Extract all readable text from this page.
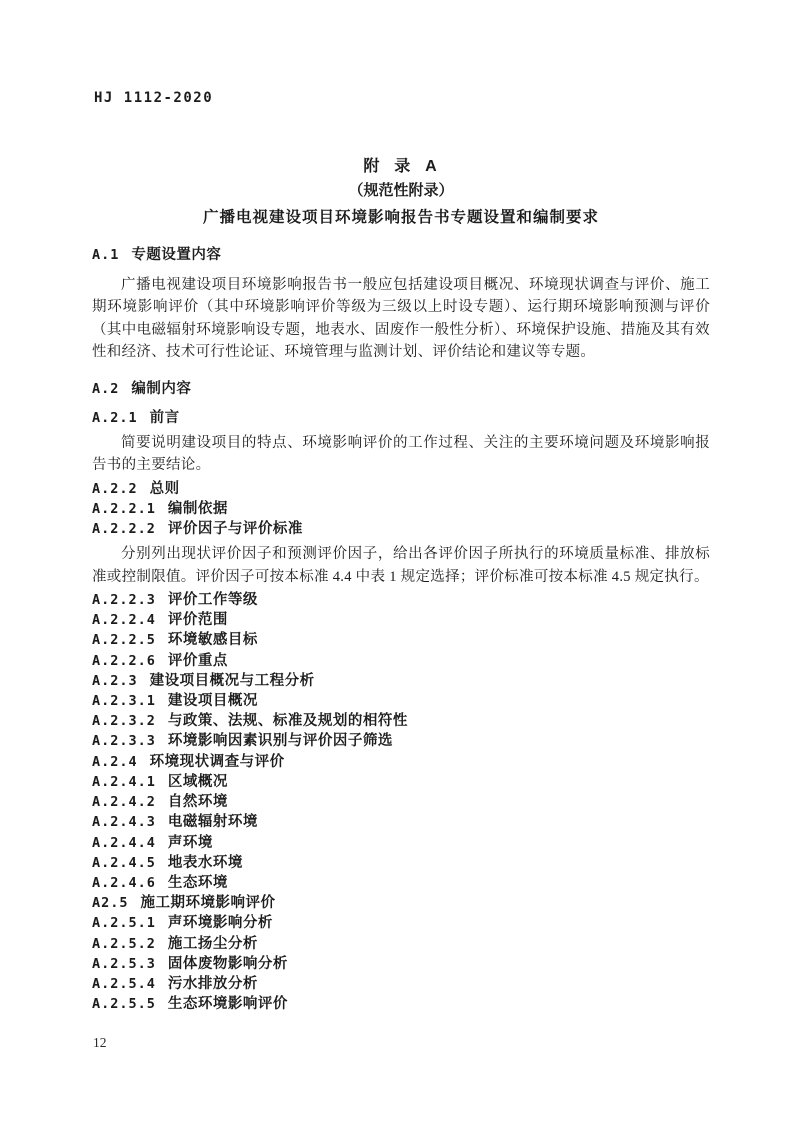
HJ 1112-2020
附  录  A
（规范性附录）
广播电视建设项目环境影响报告书专题设置和编制要求
A.1 专题设置内容
广播电视建设项目环境影响报告书一般应包括建设项目概况、环境现状调查与评价、施工期环境影响评价（其中环境影响评价等级为三级以上时设专题）、运行期环境影响预测与评价（其中电磁辐射环境影响设专题，地表水、固废作一般性分析）、环境保护设施、措施及其有效性和经济、技术可行性论证、环境管理与监测计划、评价结论和建议等专题。
A.2 编制内容
A.2.1 前言
简要说明建设项目的特点、环境影响评价的工作过程、关注的主要环境问题及环境影响报告书的主要结论。
A.2.2 总则
A.2.2.1 编制依据
A.2.2.2 评价因子与评价标准
分别列出现状评价因子和预测评价因子，给出各评价因子所执行的环境质量标准、排放标准或控制限值。评价因子可按本标准 4.4 中表 1 规定选择；评价标准可按本标准 4.5 规定执行。
A.2.2.3 评价工作等级
A.2.2.4 评价范围
A.2.2.5 环境敏感目标
A.2.2.6 评价重点
A.2.3 建设项目概况与工程分析
A.2.3.1 建设项目概况
A.2.3.2 与政策、法规、标准及规划的相符性
A.2.3.3 环境影响因素识别与评价因子筛选
A.2.4 环境现状调查与评价
A.2.4.1 区域概况
A.2.4.2 自然环境
A.2.4.3 电磁辐射环境
A.2.4.4 声环境
A.2.4.5 地表水环境
A.2.4.6 生态环境
A2.5 施工期环境影响评价
A.2.5.1 声环境影响分析
A.2.5.2 施工扬尘分析
A.2.5.3 固体废物影响分析
A.2.5.4 污水排放分析
A.2.5.5 生态环境影响评价
12
